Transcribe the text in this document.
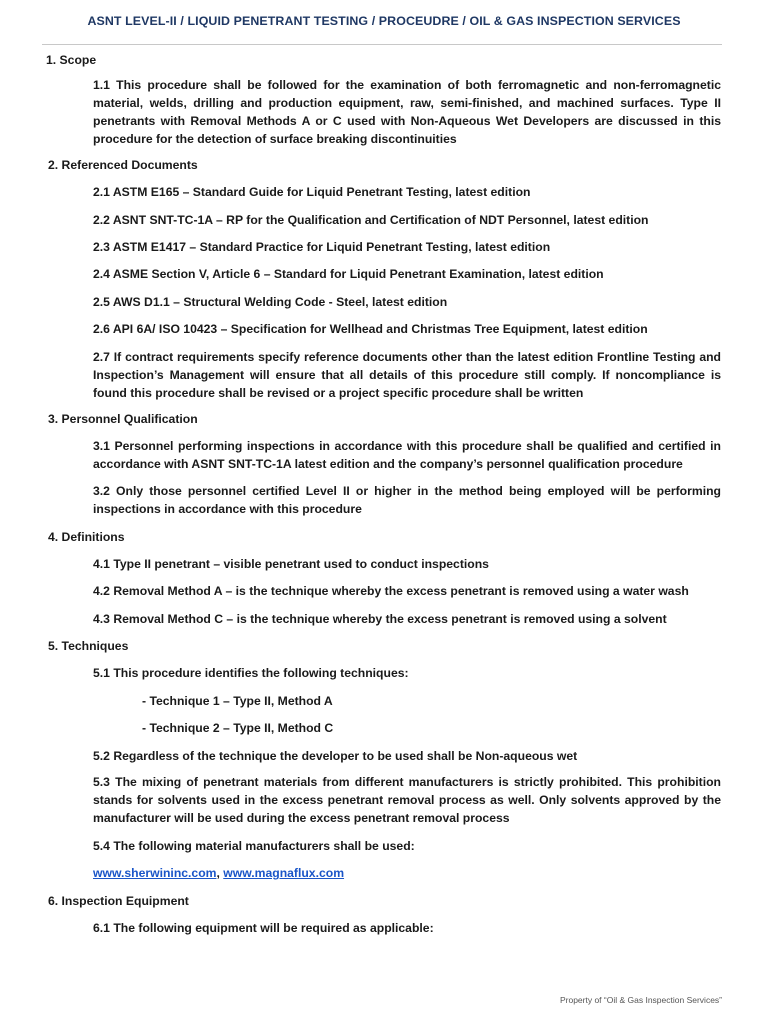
ASNT LEVEL-II / LIQUID PENETRANT TESTING / PROCEUDRE / OIL & GAS INSPECTION SERVICES
1. Scope
1.1 This procedure shall be followed for the examination of both ferromagnetic and non-ferromagnetic material, welds, drilling and production equipment, raw, semi-finished, and machined surfaces. Type II penetrants with Removal Methods A or C used with Non-Aqueous Wet Developers are discussed in this procedure for the detection of surface breaking discontinuities
2. Referenced Documents
2.1 ASTM E165 – Standard Guide for Liquid Penetrant Testing, latest edition
2.2 ASNT SNT-TC-1A – RP for the Qualification and Certification of NDT Personnel, latest edition
2.3 ASTM E1417 – Standard Practice for Liquid Penetrant Testing, latest edition
2.4 ASME Section V, Article 6 – Standard for Liquid Penetrant Examination, latest edition
2.5 AWS D1.1 – Structural Welding Code - Steel, latest edition
2.6 API 6A/ ISO 10423 – Specification for Wellhead and Christmas Tree Equipment, latest edition
2.7 If contract requirements specify reference documents other than the latest edition Frontline Testing and Inspection’s Management will ensure that all details of this procedure still comply. If noncompliance is found this procedure shall be revised or a project specific procedure shall be written
3. Personnel Qualification
3.1 Personnel performing inspections in accordance with this procedure shall be qualified and certified in accordance with ASNT SNT-TC-1A latest edition and the company’s personnel qualification procedure
3.2 Only those personnel certified Level II or higher in the method being employed will be performing inspections in accordance with this procedure
4. Definitions
4.1 Type II penetrant – visible penetrant used to conduct inspections
4.2 Removal Method A – is the technique whereby the excess penetrant is removed using a water wash
4.3 Removal Method C – is the technique whereby the excess penetrant is removed using a solvent
5. Techniques
5.1 This procedure identifies the following techniques:
- Technique 1 – Type II, Method A
- Technique 2 – Type II, Method C
5.2 Regardless of the technique the developer to be used shall be Non-aqueous wet
5.3 The mixing of penetrant materials from different manufacturers is strictly prohibited. This prohibition stands for solvents used in the excess penetrant removal process as well. Only solvents approved by the manufacturer will be used during the excess penetrant removal process
5.4 The following material manufacturers shall be used:
www.sherwininc.com, www.magnaflux.com
6. Inspection Equipment
6.1 The following equipment will be required as applicable:
Property of “Oil & Gas Inspection Services”
